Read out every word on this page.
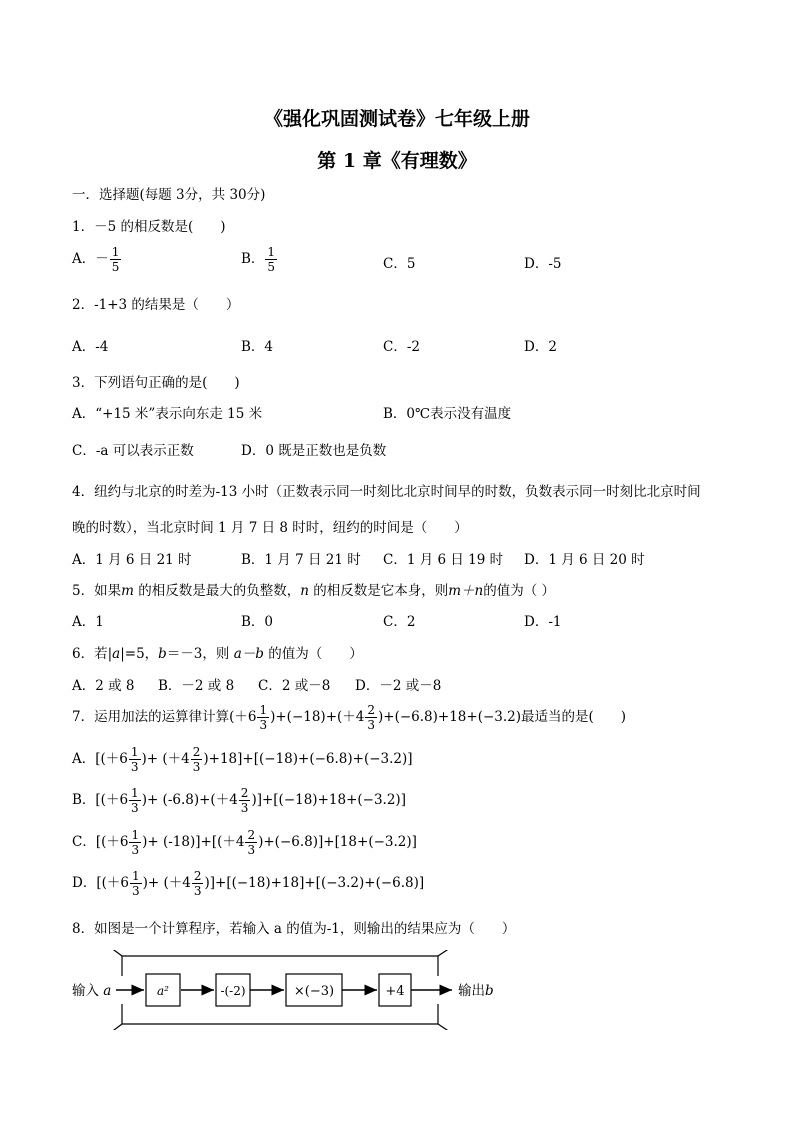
《强化巩固测试卷》七年级上册
第 1 章《有理数》
一．选择题(每题 3分，共 30分)
1．－5 的相反数是(　　)
A．－ $\frac{1}{5}$	B． $\frac{1}{5}$	C．5	D．-5
2．-1+3 的结果是（　　）
A．-4	B．4	C．-2	D．2
3．下列语句正确的是(　　)
A．“+15 米”表示向东走 15 米	B．0℃表示没有温度
C．-a 可以表示正数	D．0 既是正数也是负数
4．纽约与北京的时差为-13 小时（正数表示同一时刻比北京时间早的时数，负数表示同一时刻比北京时间
晚的时数），当北京时间 1 月 7 日 8 时时，纽约的时间是（　　）
A．1 月 6 日 21 时	B．1 月 7 日 21 时 C．1 月 6 日 19 时 D．1 月 6 日 20 时
5．如果m 的相反数是最大的负整数，n 的相反数是它本身，则m＋n的值为（ ）
A．1	B．0	C．2	D．-1
6．若|a|=5，b＝－3，则 a－b 的值为（　　）
A．2 或 8 B．－2 或 8 C．2 或－8 D．－2 或－8
7．运用加法的运算律计算$(+6 \frac{1}{3} )+(-18)+(+4 \frac{2}{3} )+(-6.8)+18+(-3.2)$最适当的是(　　)
A．[($+6 \frac{1}{3}$ )+ $(+4 \frac{2}{3} )+18]+[(-18)+(-6.8)+(-3.2)]$
B．[($+6 \frac{1}{3}$ )+ $(-6.8)+(+4 \frac{2}{3} )]+[(-18)+18+(-3.2)]$
C．[($+6 \frac{1}{3}$ )+ $(-18)]+[(+4 \frac{2}{3} )+(-6.8)]+[18+(-3.2)]$
D．[($+6 \frac{1}{3}$ )+ $(+4 \frac{2}{3} )]+[(-18)+18]+[(-3.2)+(-6.8)]$
8．如图是一个计算程序，若输入 a 的值为-1，则输出的结果应为（　　）
输入 a	a²	-(-2)	×(−3)	+4	输出b
